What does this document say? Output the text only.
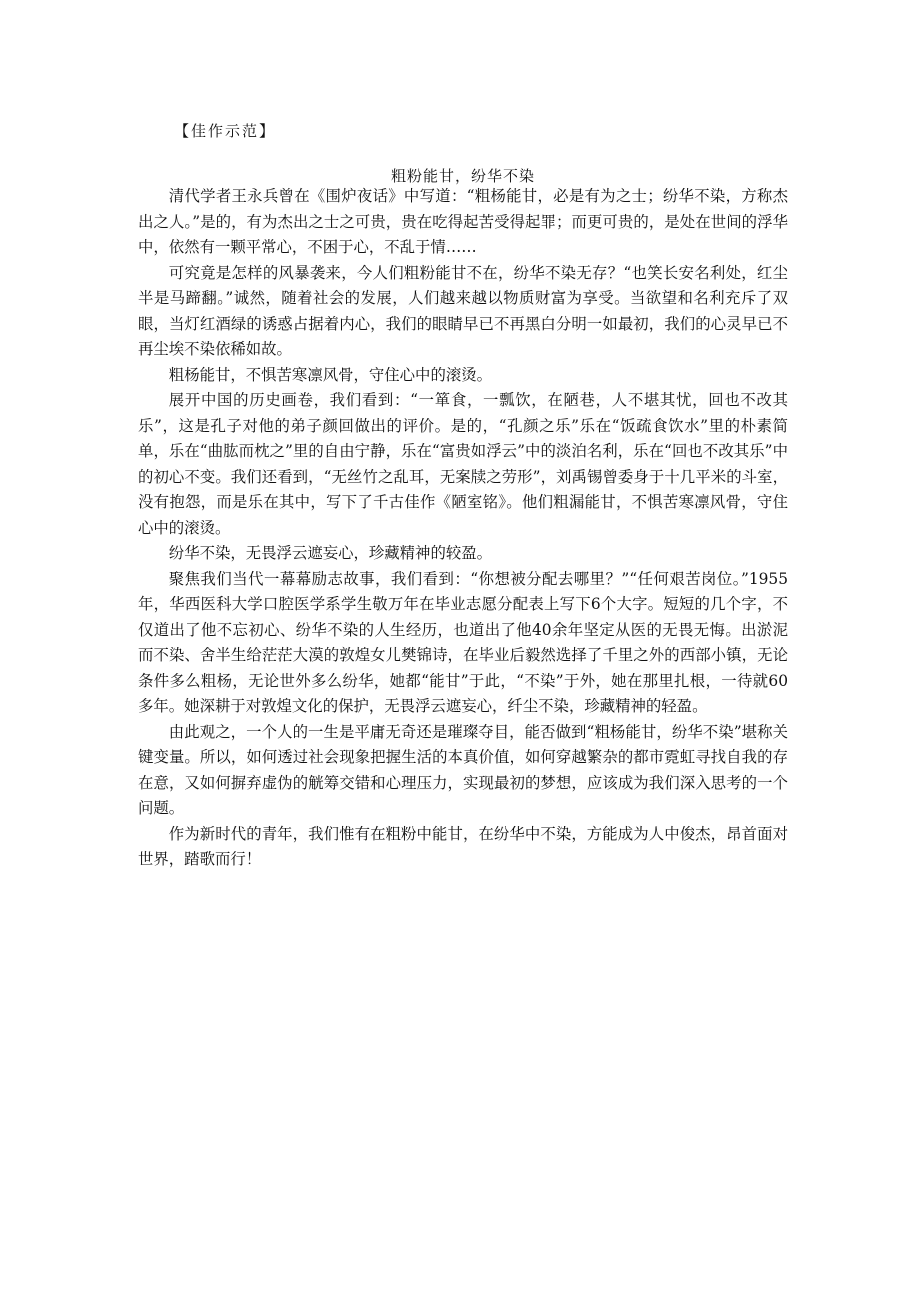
【佳作示范】
粗粉能甘，纷华不染

清代学者王永兵曾在《围炉夜话》中写道：“粗杨能甘，必是有为之士；纷华不染，方称杰出之人。”是的，有为杰出之士之可贵，贵在吃得起苦受得起罪；而更可贵的，是处在世间的浮华中，依然有一颗平常心，不困于心，不乱于情……

可究竟是怎样的风暴袭来，今人们粗粉能甘不在，纷华不染无存？“也笑长安名利处，红尘半是马蹄翻。”诚然，随着社会的发展，人们越来越以物质财富为享受。当欲望和名利充斥了双眼，当灯红酒绿的诱惑占据着内心，我们的眼睛早已不再黑白分明一如最初，我们的心灵早已不再尘埃不染依稀如故。

粗杨能甘，不惧苦寒凛风骨，守住心中的滚烫。

展开中国的历史画卷，我们看到：“一箪食，一瓢饮，在陋巷，人不堪其忧，回也不改其乐”，这是孔子对他的弟子颜回做出的评价。是的，“孔颜之乐”乐在“饭疏食饮水”里的朴素简单，乐在“曲肱而枕之”里的自由宁静，乐在“富贵如浮云”中的淡泊名利，乐在“回也不改其乐”中的初心不变。我们还看到，“无丝竹之乱耳，无案牍之劳形”，刘禹锡曾委身于十几平米的斗室，没有抱怨，而是乐在其中，写下了千古佳作《陋室铭》。他们粗漏能甘，不惧苦寒凛风骨，守住心中的滚烫。

纷华不染，无畏浮云遮妄心，珍藏精神的较盈。

聚焦我们当代一幕幕励志故事，我们看到：“你想被分配去哪里？”“任何艰苦岗位。”1955年，华西医科大学口腔医学系学生敬万年在毕业志愿分配表上写下6个大字。短短的几个字，不仅道出了他不忘初心、纷华不染的人生经历，也道出了他40余年坚定从医的无畏无悔。出淤泥而不染、舍半生给茫茫大漠的敦煌女儿樊锦诗，在毕业后毅然选择了千里之外的西部小镇，无论条件多么粗杨，无论世外多么纷华，她都“能甘”于此，“不染”于外，她在那里扎根，一待就60多年。她深耕于对敦煌文化的保护，无畏浮云遮妄心，纤尘不染，珍藏精神的轻盈。

由此观之，一个人的一生是平庸无奇还是璀璨夺目，能否做到“粗杨能甘，纷华不染”堪称关键变量。所以，如何透过社会现象把握生活的本真价值，如何穿越繁杂的都市霓虹寻找自我的存在意，又如何摒弃虚伪的觥筹交错和心理压力，实现最初的梦想，应该成为我们深入思考的一个问题。

作为新时代的青年，我们惟有在粗粉中能甘，在纷华中不染，方能成为人中俊杰，昂首面对世界，踏歌而行！
